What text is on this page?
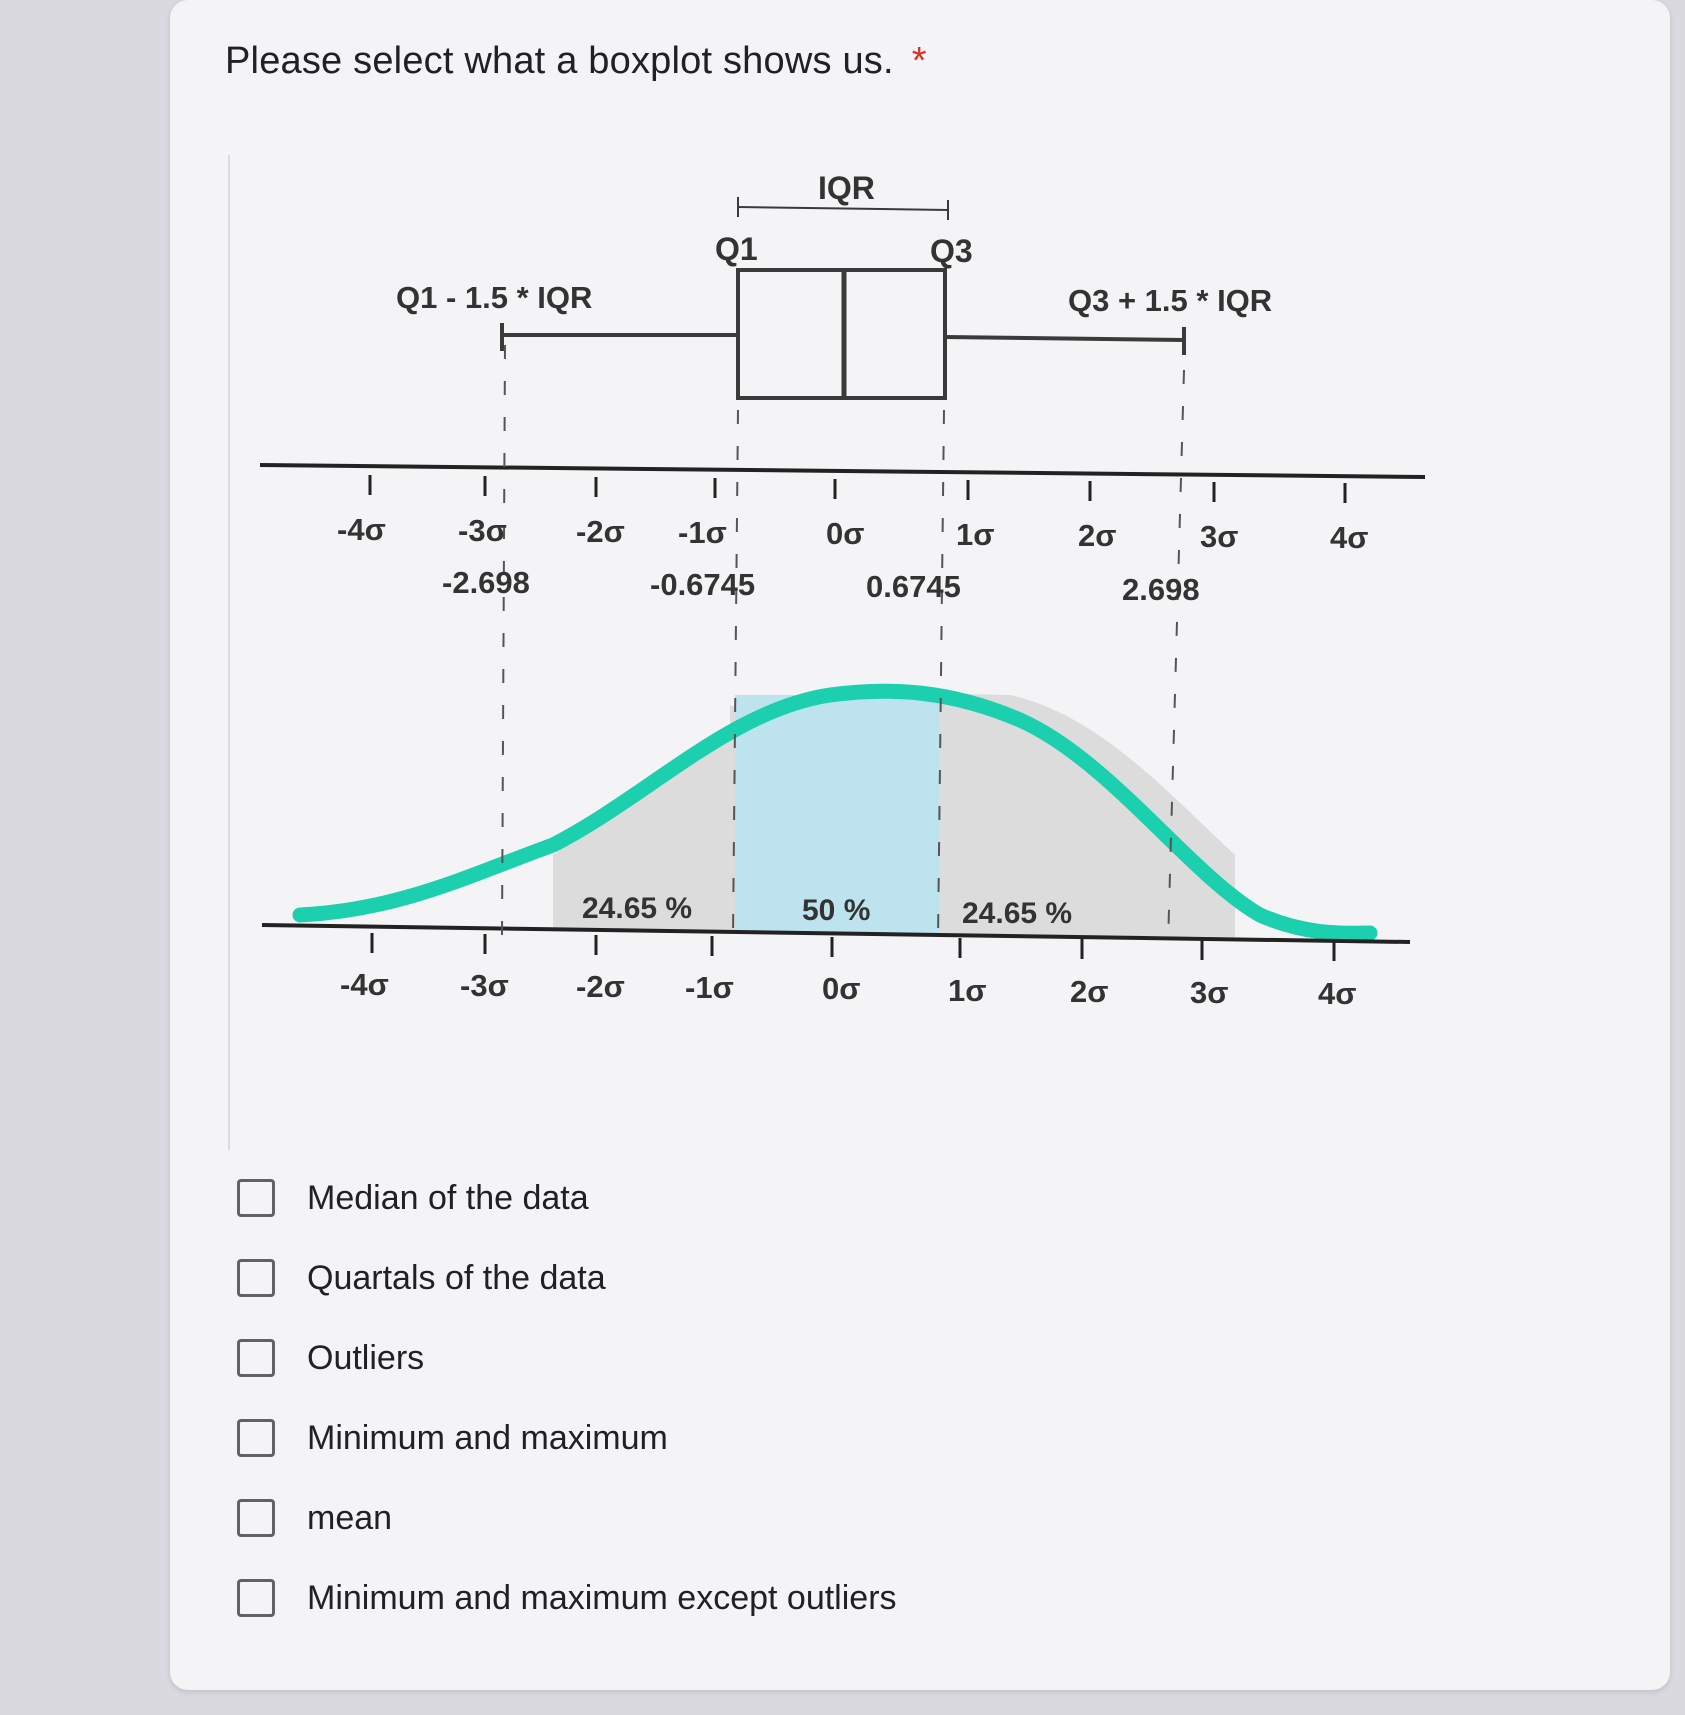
Please select what a boxplot shows us. *
IQR
Q1	Q3
Q1 - 1.5 * IQR	Q3 + 1.5 * IQR
-4σ -3σ -2σ -1σ	0σ	1σ	2σ	3σ	4σ
-2.698	-0.6745	0.6745	2.698
24.65 %	50 %	24.65 %
-4σ -3σ -2σ -1σ	0σ	1σ	2σ	3σ	4σ
Median of the data
Quartals of the data
Outliers
Minimum and maximum
mean
Minimum and maximum except outliers
